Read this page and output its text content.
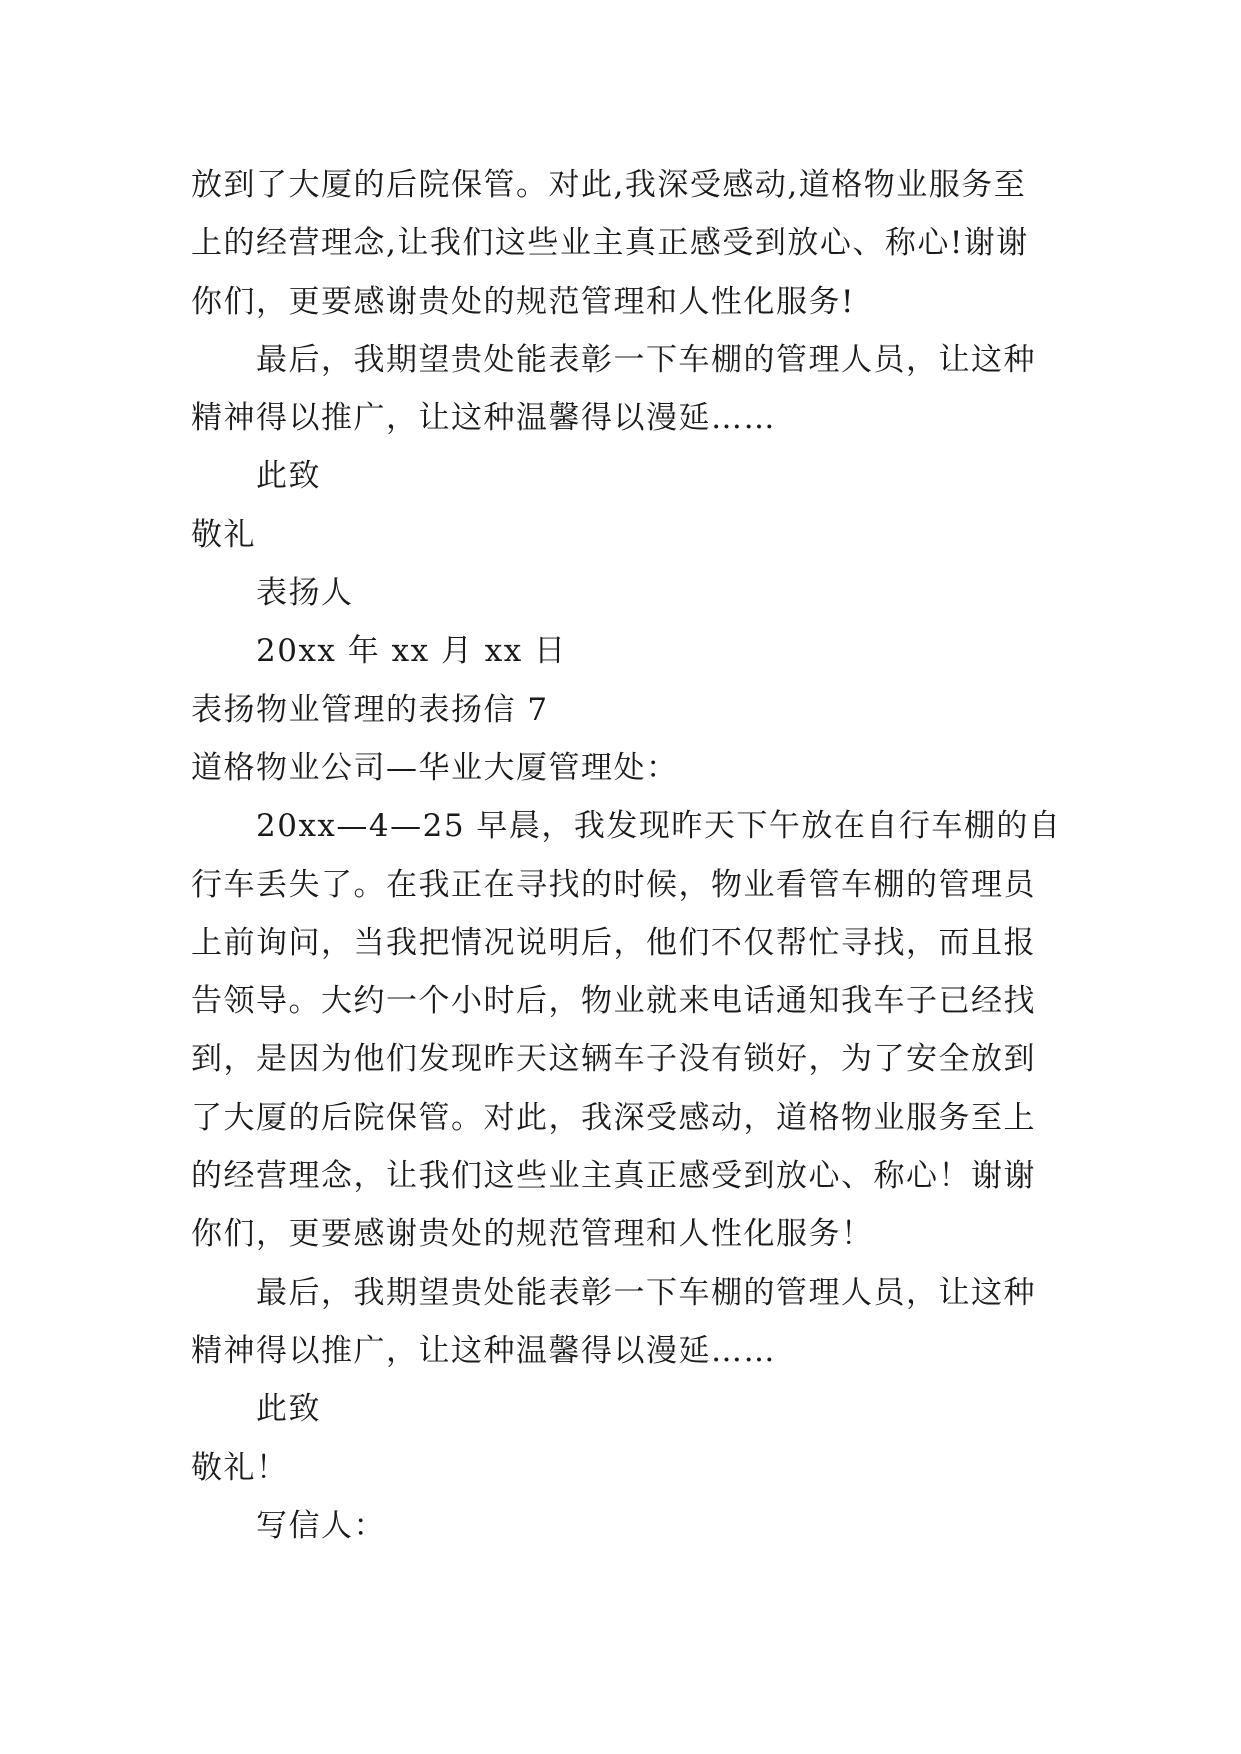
放到了大厦的后院保管。对此,我深受感动,道格物业服务至
上的经营理念,让我们这些业主真正感受到放心、称心!谢谢
你们，更要感谢贵处的规范管理和人性化服务!
最后，我期望贵处能表彰一下车棚的管理人员，让这种
精神得以推广，让这种温馨得以漫延……
此致
敬礼
表扬人
20xx 年 xx 月 xx 日
表扬物业管理的表扬信 7
道格物业公司—华业大厦管理处：
20xx—4—25 早晨，我发现昨天下午放在自行车棚的自
行车丢失了。在我正在寻找的时候，物业看管车棚的管理员
上前询问，当我把情况说明后，他们不仅帮忙寻找，而且报
告领导。大约一个小时后，物业就来电话通知我车子已经找
到，是因为他们发现昨天这辆车子没有锁好，为了安全放到
了大厦的后院保管。对此，我深受感动，道格物业服务至上
的经营理念，让我们这些业主真正感受到放心、称心！谢谢
你们，更要感谢贵处的规范管理和人性化服务！
最后，我期望贵处能表彰一下车棚的管理人员，让这种
精神得以推广，让这种温馨得以漫延……
此致
敬礼！
写信人：
